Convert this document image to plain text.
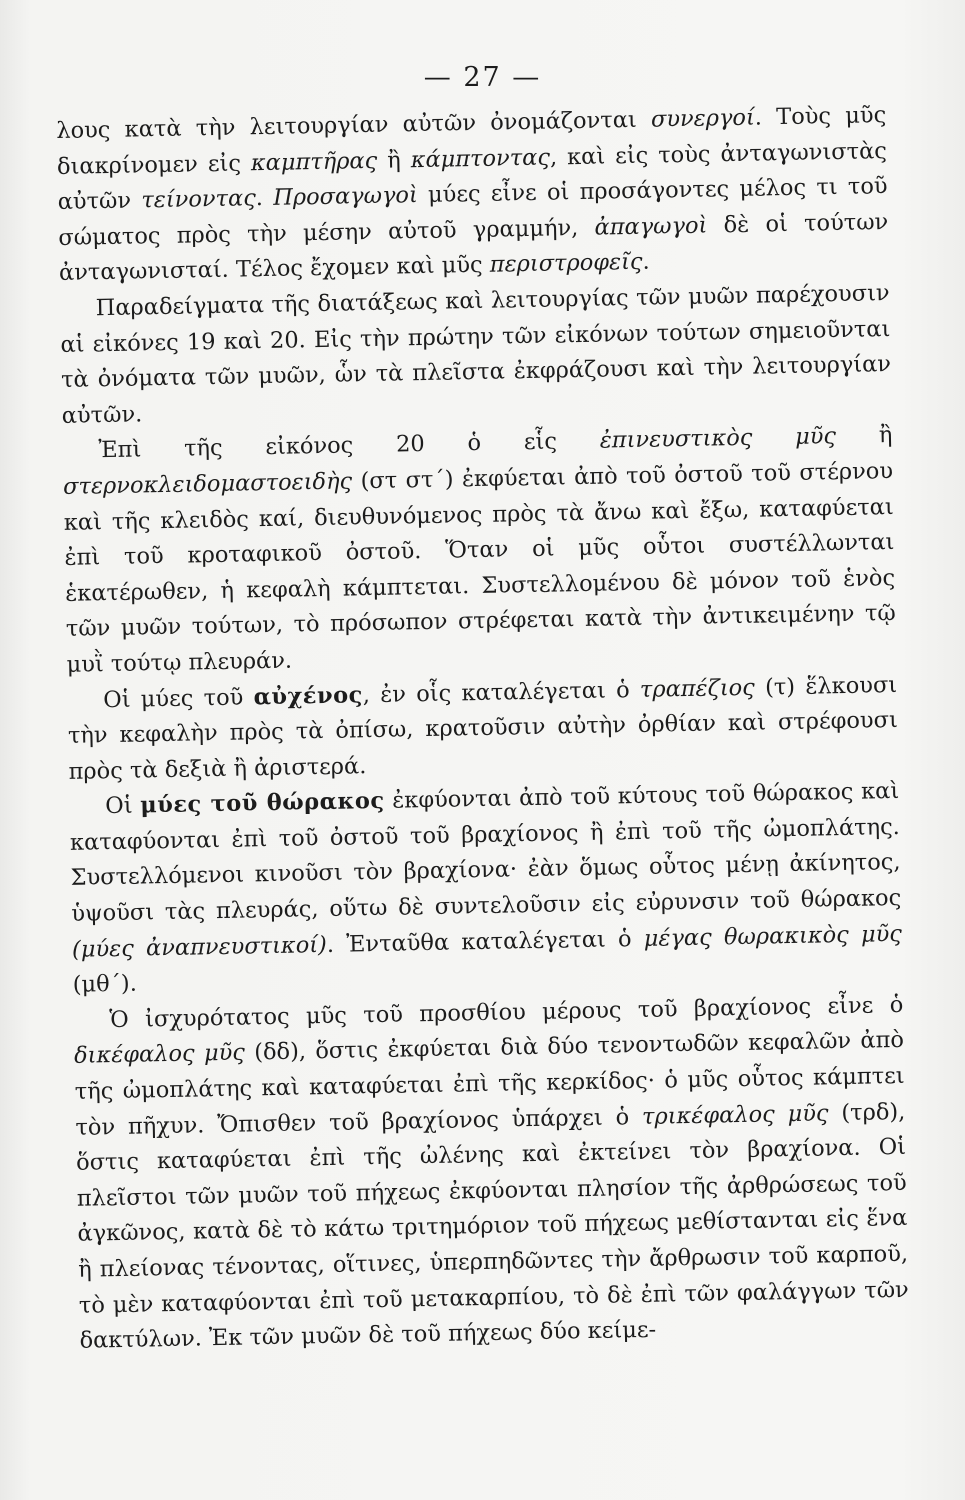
— 27 —

λους κατὰ τὴν λειτουργίαν αὐτῶν ὀνομάζονται συνεργοί. Τοὺς μῦς διακρίνομεν εἰς καμπτῆρας ἢ κάμπτοντας, καὶ εἰς τοὺς ἀνταγωνιστὰς αὐτῶν τείνοντας. Προσαγωγοὶ μύες εἶνε οἱ προσάγοντες μέλος τι τοῦ σώματος πρὸς τὴν μέσην αὐτοῦ γραμμήν, ἀπαγωγοὶ δὲ οἱ τούτων ἀνταγωνισταί. Τέλος ἔχομεν καὶ μῦς περιστροφεῖς.

Παραδείγματα τῆς διατάξεως καὶ λειτουργίας τῶν μυῶν παρέχουσιν αἱ εἰκόνες 19 καὶ 20. Εἰς τὴν πρώτην τῶν εἰκόνων τούτων σημειοῦνται τὰ ὀνόματα τῶν μυῶν, ὧν τὰ πλεῖστα ἐκφράζουσι καὶ τὴν λειτουργίαν αὐτῶν.

Ἐπὶ τῆς εἰκόνος 20 ὁ εἷς ἐπινευστικὸς μῦς ἢ στερνοκλειδομαστοειδὴς (στ στ΄) ἐκφύεται ἀπὸ τοῦ ὀστοῦ τοῦ στέρνου καὶ τῆς κλειδὸς καί, διευθυνόμενος πρὸς τὰ ἄνω καὶ ἔξω, καταφύεται ἐπὶ τοῦ κροταφικοῦ ὀστοῦ. Ὅταν οἱ μῦς οὗτοι συστέλλωνται ἑκατέρωθεν, ἡ κεφαλὴ κάμπτεται. Συστελλομένου δὲ μόνον τοῦ ἑνὸς τῶν μυῶν τούτων, τὸ πρόσωπον στρέφεται κατὰ τὴν ἀντικειμένην τῷ μυῒ τούτῳ πλευράν.

Οἱ μύες τοῦ αὐχένος, ἐν οἷς καταλέγεται ὁ τραπέζιος (τ) ἕλκουσι τὴν κεφαλὴν πρὸς τὰ ὀπίσω, κρατοῦσιν αὐτὴν ὀρθίαν καὶ στρέφουσι πρὸς τὰ δεξιὰ ἢ ἀριστερά.

Οἱ μύες τοῦ θώρακος ἐκφύονται ἀπὸ τοῦ κύτους τοῦ θώρακος καὶ καταφύονται ἐπὶ τοῦ ὀστοῦ τοῦ βραχίονος ἢ ἐπὶ τοῦ τῆς ὠμοπλάτης. Συστελλόμενοι κινοῦσι τὸν βραχίονα· ἐὰν ὅμως οὗτος μένῃ ἀκίνητος, ὑψοῦσι τὰς πλευράς, οὕτω δὲ συντελοῦσιν εἰς εὐρυνσιν τοῦ θώρακος (μύες ἀναπνευστικοί). Ἐνταῦθα καταλέγεται ὁ μέγας θωρακικὸς μῦς (μθ΄).

Ὁ ἰσχυρότατος μῦς τοῦ προσθίου μέρους τοῦ βραχίονος εἶνε ὁ δικέφαλος μῦς (δδ), ὅστις ἐκφύεται διὰ δύο τενοντωδῶν κεφαλῶν ἀπὸ τῆς ὠμοπλάτης καὶ καταφύεται ἐπὶ τῆς κερκίδος· ὁ μῦς οὗτος κάμπτει τὸν πῆχυν. Ὄπισθεν τοῦ βραχίονος ὑπάρχει ὁ τρικέφαλος μῦς (τρδ), ὅστις καταφύεται ἐπὶ τῆς ὠλένης καὶ ἐκτείνει τὸν βραχίονα. Οἱ πλεῖστοι τῶν μυῶν τοῦ πήχεως ἐκφύονται πλησίον τῆς ἀρθρώσεως τοῦ ἀγκῶνος, κατὰ δὲ τὸ κάτω τριτημόριον τοῦ πήχεως μεθίστανται εἰς ἕνα ἢ πλείονας τένοντας, οἵτινες, ὑπερπηδῶντες τὴν ἄρθρωσιν τοῦ καρποῦ, τὸ μὲν καταφύονται ἐπὶ τοῦ μετακαρπίου, τὸ δὲ ἐπὶ τῶν φαλάγγων τῶν δακτύλων. Ἐκ τῶν μυῶν δὲ τοῦ πήχεως δύο κείμε-
